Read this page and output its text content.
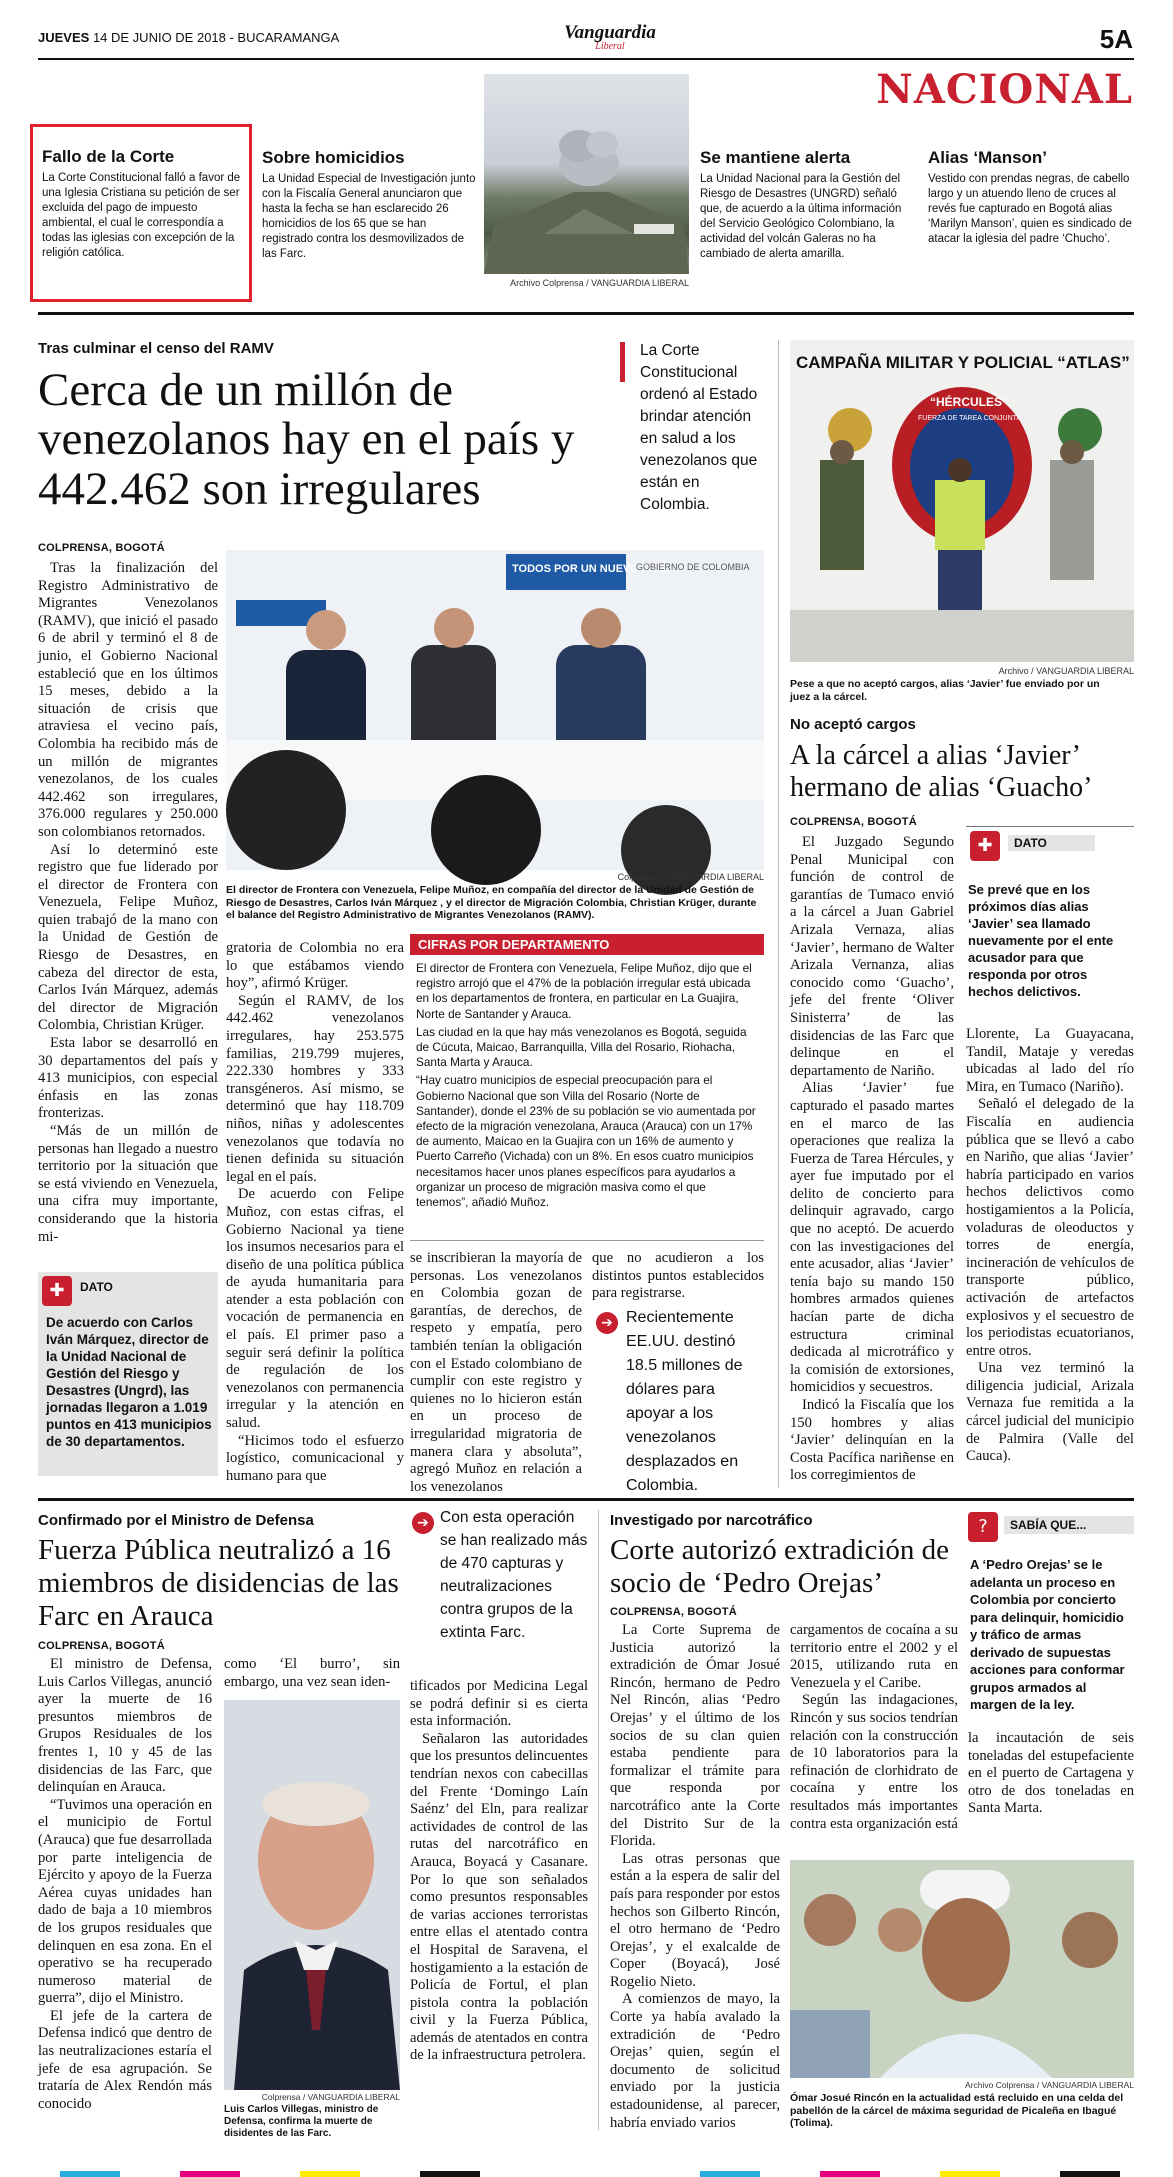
JUEVES 14 DE JUNIO DE 2018 - BUCARAMANGA	Vanguardia
Liberal	5A
NACIONAL
Fallo de la Corte
La Corte Constitucional falló a favor de una Iglesia Cristiana su petición de ser excluida del pago de impuesto ambiental, el cual le correspondía a todas las iglesias con excepción de la religión católica.
Sobre homicidios
La Unidad Especial de Investigación junto con la Fiscalía General anunciaron que hasta la fecha se han esclarecido 26 homicidios de los 65 que se han registrado contra los desmovilizados de las Farc.
Archivo Colprensa / VANGUARDIA LIBERAL
Se mantiene alerta
La Unidad Nacional para la Gestión del Riesgo de Desastres (UNGRD) señaló que, de acuerdo a la última información del Servicio Geológico Colombiano, la actividad del volcán Galeras no ha cambiado de alerta amarilla.
Alias ‘Manson’
Vestido con prendas negras, de cabello largo y un atuendo lleno de cruces al revés fue capturado en Bogotá alias ‘Marilyn Manson’, quien es sindicado de atacar la iglesia del padre ‘Chucho’.
Tras culminar el censo del RAMV
Cerca de un millón de venezolanos hay en el país y 442.462 son irregulares
La Corte Constitucional ordenó al Estado brindar atención en salud a los venezolanos que están en Colombia.
COLPRENSA, BOGOTÁ

Tras la finalización del Registro Administrativo de Migrantes Venezolanos (RAMV), que inició el pasado 6 de abril y terminó el 8 de junio, el Gobierno Nacional estableció que en los últimos 15 meses, debido a la situación de crisis que atraviesa el vecino país, Colombia ha recibido más de un millón de migrantes venezolanos, de los cuales 442.462 son irregulares, 376.000 regulares y 250.000 son colombianos retornados.

Así lo determinó este registro que fue liderado por el director de Frontera con Venezuela, Felipe Muñoz, quien trabajó de la mano con la Unidad de Gestión de Riesgo de Desastres, en cabeza del director de esta, Carlos Iván Márquez, además del director de Migración Colombia, Christian Krüger.

Esta labor se desarrolló en 30 departamentos del país y 413 municipios, con especial énfasis en las zonas fronterizas.

“Más de un millón de personas han llegado a nuestro territorio por la situación que se está viviendo en Venezuela, una cifra muy importante, considerando que la historia mi-

TODOS POR UN NUEVO PAÍS
GOBIERNO DE COLOMBIA
Colprensa / VANGUARDIA LIBERAL
El director de Frontera con Venezuela, Felipe Muñoz, en compañía del director de la Unidad de Gestión de Riesgo de Desastres, Carlos Iván Márquez , y el director de Migración Colombia, Christian Krüger, durante el balance del Registro Administrativo de Migrantes Venezolanos (RAMV).

gratoria de Colombia no era lo que estábamos viendo hoy”, afirmó Krüger.

Según el RAMV, de los 442.462 venezolanos irregulares, hay 253.575 familias, 219.799 mujeres, 222.330 hombres y 333 transgéneros. Así mismo, se determinó que hay 118.709 niños, niñas y adolescentes venezolanos que todavía no tienen definida su situación legal en el país.

De acuerdo con Felipe Muñoz, con estas cifras, el Gobierno Nacional ya tiene los insumos necesarios para el diseño de una política pública de ayuda humanitaria para atender a esta población con vocación de permanencia en el país. El primer paso a seguir será definir la política de regulación de los venezolanos con permanencia irregular y la atención en salud.

“Hicimos todo el esfuerzo logístico, comunicacional y humano para que

CIFRAS POR DEPARTAMENTO

El director de Frontera con Venezuela, Felipe Muñoz, dijo que el registro arrojó que el 47% de la población irregular está ubicada en los departamentos de frontera, en particular en La Guajira, Norte de Santander y Arauca.

Las ciudad en la que hay más venezolanos es Bogotá, seguida de Cúcuta, Maicao, Barranquilla, Villa del Rosario, Riohacha, Santa Marta y Arauca.

“Hay cuatro municipios de especial preocupación para el Gobierno Nacional que son Villa del Rosario (Norte de Santander), donde el 23% de su población se vio aumentada por efecto de la migración venezolana, Arauca (Arauca) con un 17% de aumento, Maicao en la Guajira con un 16% de aumento y Puerto Carreño (Vichada) con un 8%. En esos cuatro municipios necesitamos hacer unos planes específicos para ayudarlos a organizar un proceso de migración masiva como el que tenemos”, añadió Muñoz.

se inscribieran la mayoría de personas. Los venezolanos en Colombia gozan de garantías, de derechos, de respeto y empatía, pero también tenían la obligación con el Estado colombiano de cumplir con este registro y quienes no lo hicieron están en un proceso de irregularidad migratoria de manera clara y absoluta”, agregó Muñoz en relación a los venezolanos

que no acudieron a los distintos puntos establecidos para registrarse.

➔ Recientemente EE.UU. destinó 18.5 millones de dólares para apoyar a los venezolanos desplazados en Colombia.
✚	DATO
De acuerdo con Carlos Iván Márquez, director de la Unidad Nacional de Gestión del Riesgo y Desastres (Ungrd), las jornadas llegaron a 1.019 puntos en 413 municipios de 30 departamentos.
CAMPAÑA MILITAR Y POLICIAL “ATLAS”
“HÉRCULES”
FUERZA DE TAREA CONJUNTA
Archivo / VANGUARDIA LIBERAL
Pese a que no aceptó cargos, alias ‘Javier’ fue enviado por un juez a la cárcel.
No aceptó cargos
A la cárcel a alias ‘Javier’ hermano de alias ‘Guacho’
COLPRENSA, BOGOTÁ

El Juzgado Segundo Penal Municipal con función de control de garantías de Tumaco envió a la cárcel a Juan Gabriel Arizala Vernaza, alias ‘Javier’, hermano de Walter Arizala Vernanza, alias conocido como ‘Guacho’, jefe del frente ‘Oliver Sinisterra’ de las disidencias de las Farc que delinque en el departamento de Nariño.

Alias ‘Javier’ fue capturado el pasado martes en el marco de las operaciones que realiza la Fuerza de Tarea Hércules, y ayer fue imputado por el delito de concierto para delinquir agravado, cargo que no aceptó. De acuerdo con las investigaciones del ente acusador, alias ‘Javier’ tenía bajo su mando 150 hombres armados quienes hacían parte de dicha estructura criminal dedicada al microtráfico y la comisión de extorsiones, homicidios y secuestros.

Indicó la Fiscalía que los 150 hombres y alias ‘Javier’ delinquían en la Costa Pacífica nariñense en los corregimientos de

✚	DATO
Se prevé que en los próximos días alias ‘Javier’ sea llamado nuevamente por el ente acusador para que responda por otros hechos delictivos.

Llorente, La Guayacana, Tandil, Mataje y veredas ubicadas al lado del río Mira, en Tumaco (Nariño).

Señaló el delegado de la Fiscalía en audiencia pública que se llevó a cabo en Nariño, que alias ‘Javier’ habría participado en varios hechos delictivos como hostigamientos a la Policía, voladuras de oleoductos y torres de energía, incineración de vehículos de transporte público, activación de artefactos explosivos y el secuestro de los periodistas ecuatorianos, entre otros.

Una vez terminó la diligencia judicial, Arizala Vernaza fue remitida a la cárcel judicial del municipio de Palmira (Valle del Cauca).

Confirmado por el Ministro de Defensa
Fuerza Pública neutralizó a 16 miembros de disidencias de las Farc en Arauca
COLPRENSA, BOGOTÁ

El ministro de Defensa, Luis Carlos Villegas, anunció ayer la muerte de 16 presuntos miembros de Grupos Residuales de los frentes 1, 10 y 45 de las disidencias de las Farc, que delinquían en Arauca.

“Tuvimos una operación en el municipio de Fortul (Arauca) que fue desarrollada por parte inteligencia de Ejército y apoyo de la Fuerza Aérea cuyas unidades han dado de baja a 10 miembros de los grupos residuales que delinquen en esa zona. En el operativo se ha recuperado numeroso material de guerra”, dijo el Ministro.

El jefe de la cartera de Defensa indicó que dentro de las neutralizaciones estaría el jefe de esa agrupación. Se trataría de Alex Rendón más conocido

como ‘El burro’, sin embargo, una vez sean iden-

Colprensa / VANGUARDIA LIBERAL
Luis Carlos Villegas, ministro de Defensa, confirma la muerte de disidentes de las Farc.
➔ Con esta operación se han realizado más de 470 capturas y neutralizaciones contra grupos de la extinta Farc.

tificados por Medicina Legal se podrá definir si es cierta esta información.

Señalaron las autoridades que los presuntos delincuentes tendrían nexos con cabecillas del Frente ‘Domingo Laín Saénz’ del Eln, para realizar actividades de control de las rutas del narcotráfico en Arauca, Boyacá y Casanare. Por lo que son señalados como presuntos responsables de varias acciones terroristas entre ellas el atentado contra el Hospital de Saravena, el hostigamiento a la estación de Policía de Fortul, el plan pistola contra la población civil y la Fuerza Pública, además de atentados en contra de la infraestructura petrolera.

Investigado por narcotráfico
Corte autorizó extradición de socio de ‘Pedro Orejas’
COLPRENSA, BOGOTÁ

La Corte Suprema de Justicia autorizó la extradición de Ómar Josué Rincón, hermano de Pedro Nel Rincón, alias ‘Pedro Orejas’ y el último de los socios de su clan quien estaba pendiente para formalizar el trámite para que responda por narcotráfico ante la Corte del Distrito Sur de la Florida.

Las otras personas que están a la espera de salir del país para responder por estos hechos son Gilberto Rincón, el otro hermano de ‘Pedro Orejas’, y el exalcalde de Coper (Boyacá), José Rogelio Nieto.

A comienzos de mayo, la Corte ya había avalado la extradición de ‘Pedro Orejas’ quien, según el documento de solicitud enviado por la justicia estadounidense, al parecer, habría enviado varios

cargamentos de cocaína a su territorio entre el 2002 y el 2015, utilizando ruta en Venezuela y el Caribe.

Según las indagaciones, Rincón y sus socios tendrían relación con la construcción de 10 laboratorios para la refinación de clorhidrato de cocaína y entre los resultados más importantes contra esta organización está

?	SABÍA QUE...
A ‘Pedro Orejas’ se le adelanta un proceso en Colombia por concierto para delinquir, homicidio y tráfico de armas derivado de supuestas acciones para conformar grupos armados al margen de la ley.

la incautación de seis toneladas del estupefaciente en el puerto de Cartagena y otro de dos toneladas en Santa Marta.

Archivo Colprensa / VANGUARDIA LIBERAL
Ómar Josué Rincón en la actualidad está recluido en una celda del pabellón de la cárcel de máxima seguridad de Picaleña en Ibagué (Tolima).
